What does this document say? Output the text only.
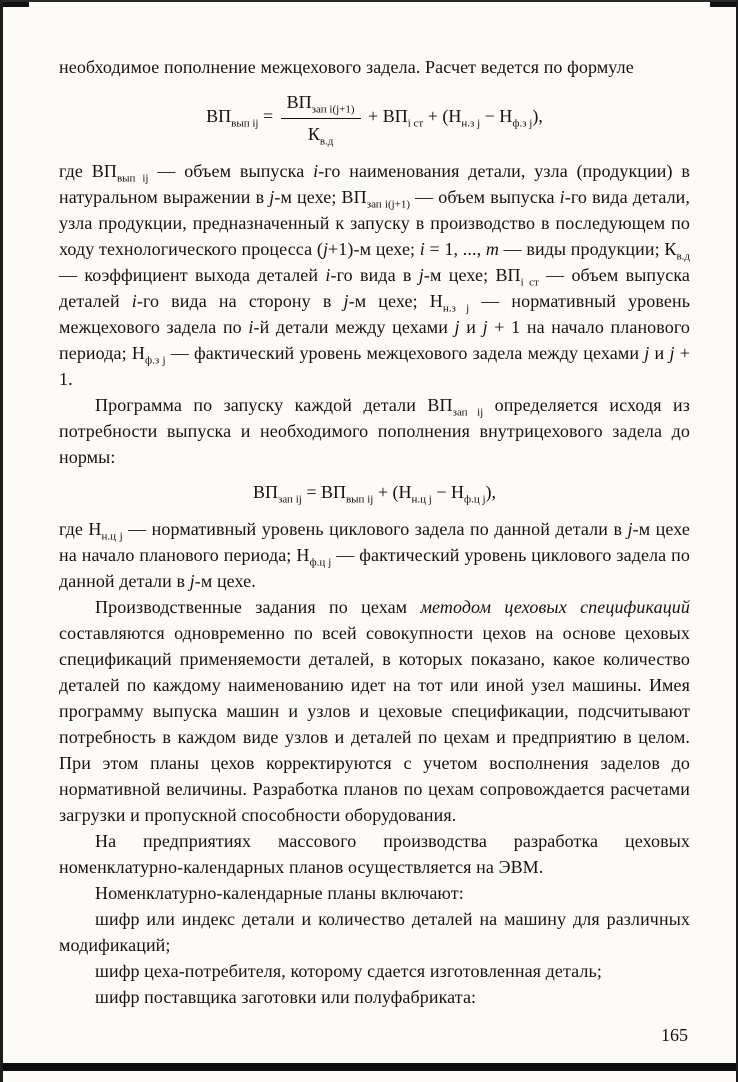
необходимое пополнение межцехового задела. Расчет ведется по формуле
$ВП_{вып ij} = \frac{ВП_{зап i(j+1)}}{К_{в.д}} + ВП_{i ст} + (Н_{н.з j} - Н_{ф.з j})$,
где $ВП_{вып ij}$ — объем выпуска i-го наименования детали, узла (продукции) в натуральном выражении в j-м цехе; $ВП_{зап i(j+1)}$ — объем выпуска i-го вида детали, узла продукции, предназначенный к запуску в производство в последующем по ходу технологического процесса (j+1)-м цехе; i = 1, ..., m — виды продукции; $К_{в.д}$ — коэффициент выхода деталей i-го вида в j-м цехе; $ВП_{i ст}$ — объем выпуска деталей i-го вида на сторону в j-м цехе; $Н_{н.з j}$ — нормативный уровень межцехового задела по i-й детали между цехами j и j + 1 на начало планового периода; $Н_{ф.з j}$ — фактический уровень межцехового задела между цехами j и j + 1.
Программа по запуску каждой детали $ВП_{зап ij}$ определяется исходя из потребности выпуска и необходимого пополнения внутрицехового задела до нормы:
$ВП_{зап ij} = ВП_{вып ij} + (Н_{н.ц j} - Н_{ф.ц j})$,
где $Н_{н.ц j}$ — нормативный уровень циклового задела по данной детали в j-м цехе на начало планового периода; $Н_{ф.ц j}$ — фактический уровень циклового задела по данной детали в j-м цехе.
Производственные задания по цехам методом цеховых спецификаций составляются одновременно по всей совокупности цехов на основе цеховых спецификаций применяемости деталей, в которых показано, какое количество деталей по каждому наименованию идет на тот или иной узел машины. Имея программу выпуска машин и узлов и цеховые спецификации, подсчитывают потребность в каждом виде узлов и деталей по цехам и предприятию в целом. При этом планы цехов корректируются с учетом восполнения заделов до нормативной величины. Разработка планов по цехам сопровождается расчетами загрузки и пропускной способности оборудования.
На предприятиях массового производства разработка цеховых номенклатурно-календарных планов осуществляется на ЭВМ.
Номенклатурно-календарные планы включают:
шифр или индекс детали и количество деталей на машину для различных модификаций;
шифр цеха-потребителя, которому сдается изготовленная деталь;
шифр поставщика заготовки или полуфабриката:
165
